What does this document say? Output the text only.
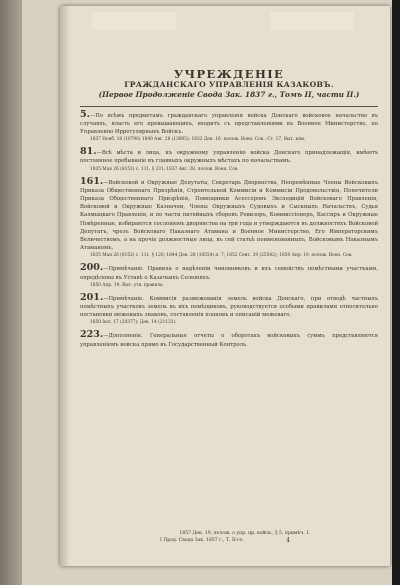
УЧРЕЖДЕНІЕ
ГРАЖДАНСКАГО УПРАВЛЕНІЯ КАЗАКОВЪ.
(Первое Продолженіе Свода Зак. 1837 г., Томъ II, части II.)

5.—По всѣмъ предметамъ гражданскаго управленія войска Донскаго войсковое начальство въ случаяхъ, власть его превышающихъ, входитъ съ представленіями въ Военное Министерство, по Управленію Иррегулярныхъ Войскъ.

1837 Нояб. 18 (10790) 1840 Авг. 28 (13805); 1832 Дек. 16, полож. Воен. Сов.; Ст. 17, Выт. кни.

81.—Всѣ мѣста и лица, къ окружному управленію войска Донскаго принадлежащія, имѣютъ постоянное пребываніе въ главныхъ окружныхъ мѣстахъ по начальствамъ.

1835 Мая 26 (8153) с. 111, § 231; 1837 Авг. 28, полож. Воен. Сов.

161.—Войсковой и Окружные Депутаты, Секретарь Дворянства, Непремѣнные Члены Войсковыхъ Приказа Общественнаго Призрѣнія, Строительной Коммисіи и Коммисіи Продовольствія, Попечители Приказа Общественнаго Призрѣнія, Помощники Асессоровъ Экспедицій Войсковаго Правленія, Войсковой и Окружные Казначеи, Члены Окружныхъ Судовыхъ и Сыскныхъ Начальствъ, Судья Калмыцкаго Правленія, и по части питейныхъ сборовъ Ревизоръ, Коммиссіонеръ, Кассиръ и Окружные Повѣренные, избираются сословіемъ дворянства на три года и утверждаются въ должностяхъ Войсковой Депутатъ, чрезъ Войсковаго Наказнаго Атамана и Военное Министерство, Его Императорскимъ Величествомъ, а на прочіе должностные лица, въ сей статьѣ поименованныхъ, Войсковымъ Наказнымъ Атаманомъ.

1835 Мая 26 (8153) с. 111, § 120; 1844 Дек. 28 (18554) п. 7; 1852 Сент. 29 (25542); 1850 Апр. 19, полож. Воен. Сов.

200.—Примѣчаніе. Правила о надѣленіи чиновниковъ и ихъ семействъ помѣстными участками, опредѣлены въ Уставѣ о Казачьихъ Селеніяхъ.

1850 Апр. 19, Выс. утв. правила.

201.—Примѣчаніе. Коммисія размежеванія земель войска Донскаго, при отводѣ частныхъ помѣстныхъ участковъ земель въ ихъ помѣщиковъ, руководствуется особыми правилами относительно постановки межевыхъ знаковъ, составленія плановъ и описаній межеваго.

1850 Іюл. 17 (20377); Дек. 14 (21132).

223.—Дополненіе. Генеральные отчеты о оборотахъ войсковыхъ суммъ представляются управленіемъ войска прямо въ Государственный Контроль.

1857 Дек. 19, полож. о упр. пр. войск., § 5, примѣч. 1.
I Прод. Свода Зак. 1857 г., Т. II-го.	4
